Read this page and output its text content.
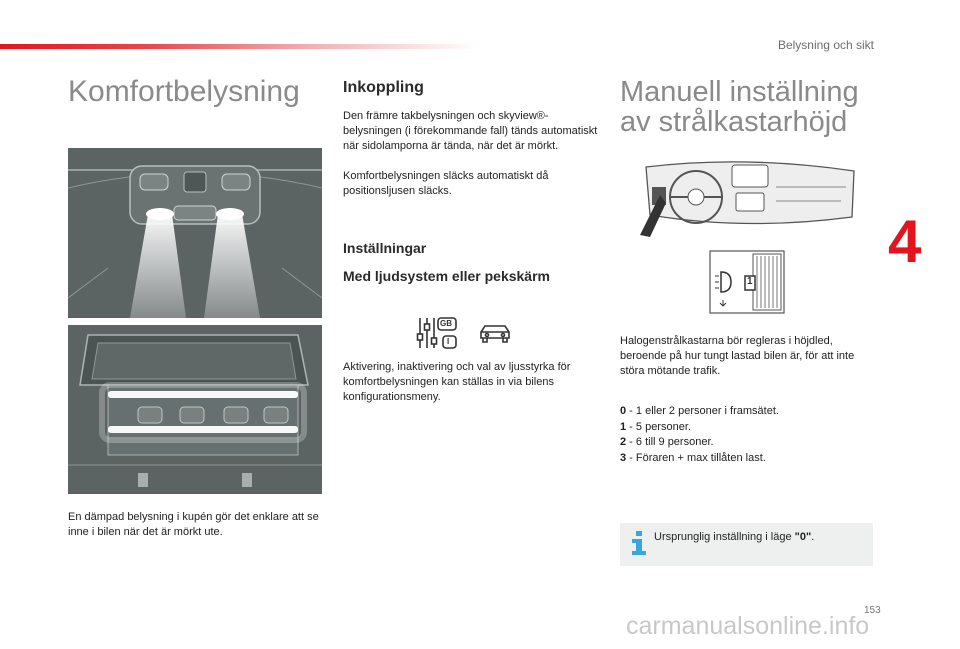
Belysning och sikt
4
Komfortbelysning

En dämpad belysning i kupén gör det enklare att se inne i bilen när det är mörkt ute.

Inkoppling

Den främre takbelysningen och skyview®-belysningen (i förekommande fall) tänds automatiskt när sidolamporna är tända, när det är mörkt.

Komfortbelysningen släcks automatiskt då positionsljusen släcks.

Inställningar
Med ljudsystem eller pekskärm
GB
I

Aktivering, inaktivering och val av ljusstyrka för komfortbelysningen kan ställas in via bilens konfigurationsmeny.

Manuell inställning
av strålkastarhöjd
1

Halogenstrålkastarna bör regleras i höjdled, beroende på hur tungt lastad bilen är, för att inte störa mötande trafik.

0 - 1 eller 2 personer i framsätet.
1 - 5 personer.
2 - 6 till 9 personer.
3 - Föraren + max tillåten last.
Ursprunglig inställning i läge "0".
153
carmanualsonline.info
